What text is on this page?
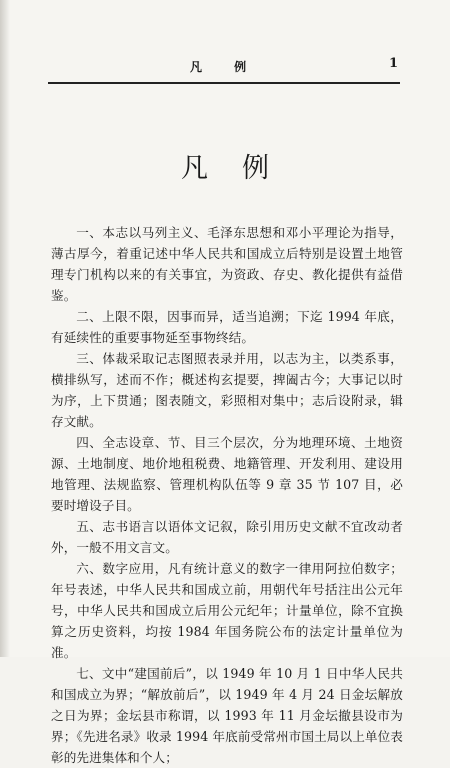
凡 例	1
凡例

一、本志以马列主义、毛泽东思想和邓小平理论为指导，薄古厚今，着重记述中华人民共和国成立后特别是设置土地管理专门机构以来的有关事宜，为资政、存史、教化提供有益借鉴。

二、上限不限，因事而异，适当追溯；下迄 1994 年底，有延续性的重要事物延至事物终结。

三、体裁采取记志图照表录并用，以志为主，以类系事，横排纵写，述而不作；概述构玄提要，捭阖古今；大事记以时为序，上下贯通；图表随文，彩照相对集中；志后设附录，辑存文献。

四、全志设章、节、目三个层次，分为地理环境、土地资源、土地制度、地价地租税费、地籍管理、开发利用、建设用地管理、法规监察、管理机构队伍等 9 章 35 节 107 目，必要时增设子目。

五、志书语言以语体文记叙，除引用历史文献不宜改动者外，一般不用文言文。

六、数字应用，凡有统计意义的数字一律用阿拉伯数字；年号表述，中华人民共和国成立前，用朝代年号括注出公元年号，中华人民共和国成立后用公元纪年；计量单位，除不宜换算之历史资料，均按 1984 年国务院公布的法定计量单位为准。

七、文中“建国前后”，以 1949 年 10 月 1 日中华人民共和国成立为界；“解放前后”，以 1949 年 4 月 24 日金坛解放之日为界；金坛县市称谓，以 1993 年 11 月金坛撤县设市为界；《先进名录》收录 1994 年底前受常州市国土局以上单位表彰的先进集体和个人；
